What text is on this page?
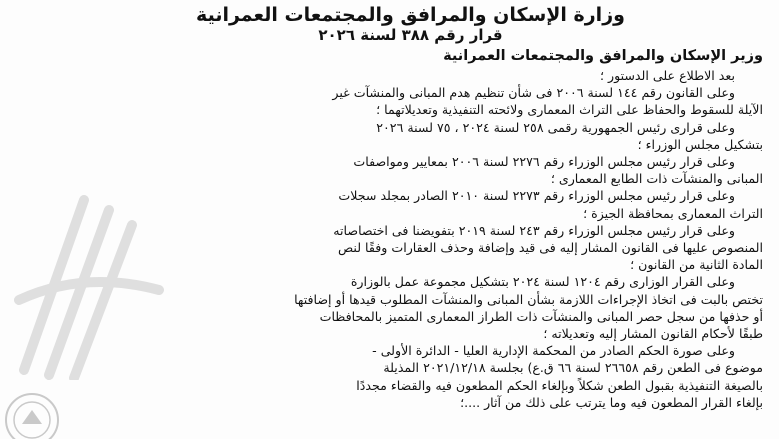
وزارة الإسكان والمرافق والمجتمعات العمرانية
قرار رقم ٣٨٨ لسنة ٢٠٢٦
وزير الإسكان والمرافق والمجتمعات العمرانية
بعد الاطلاع على الدستور ؛
وعلى القانون رقم ١٤٤ لسنة ٢٠٠٦ فى شأن تنظيم هدم المبانى والمنشآت غير
الآيلة للسقوط والحفاظ على التراث المعمارى ولائحته التنفيذية وتعديلاتهما ؛
وعلى قرارى رئيس الجمهورية رقمى ٢٥٨ لسنة ٢٠٢٤ ، ٧٥ لسنة ٢٠٢٦
بتشكيل مجلس الوزراء ؛
وعلى قرار رئيس مجلس الوزراء رقم ٢٢٧٦ لسنة ٢٠٠٦ بمعايير ومواصفات
المبانى والمنشآت ذات الطابع المعمارى ؛
وعلى قرار رئيس مجلس الوزراء رقم ٢٢٧٣ لسنة ٢٠١٠ الصادر بمجلد سجلات
التراث المعمارى بمحافظة الجيزة ؛
وعلى قرار رئيس مجلس الوزراء رقم ٢٤٣ لسنة ٢٠١٩ بتفويضنا فى اختصاصاته
المنصوص عليها فى القانون المشار إليه فى قيد وإضافة وحذف العقارات وفقًا لنص
المادة الثانية من القانون ؛
وعلى القرار الوزارى رقم ١٢٠٤ لسنة ٢٠٢٤ بتشكيل مجموعة عمل بالوزارة
تختص بالبت فى اتخاذ الإجراءات اللازمة بشأن المبانى والمنشآت المطلوب قيدها أو إضافتها
أو حذفها من سجل حصر المبانى والمنشآت ذات الطراز المعمارى المتميز بالمحافظات
طبقًا لأحكام القانون المشار إليه وتعديلاته ؛
وعلى صورة الحكم الصادر من المحكمة الإدارية العليا - الدائرة الأولى -
موضوع فى الطعن رقم ٢٦٦٥٨ لسنة ٦٦ ق.ع) بجلسة ٢٠٢١/١٢/١٨ المذيلة
بالصيغة التنفيذية بقبول الطعن شكلاً وبإلغاء الحكم المطعون فيه والقضاء مجددًا
بإلغاء القرار المطعون فيه وما يترتب على ذلك من آثار ....؛
